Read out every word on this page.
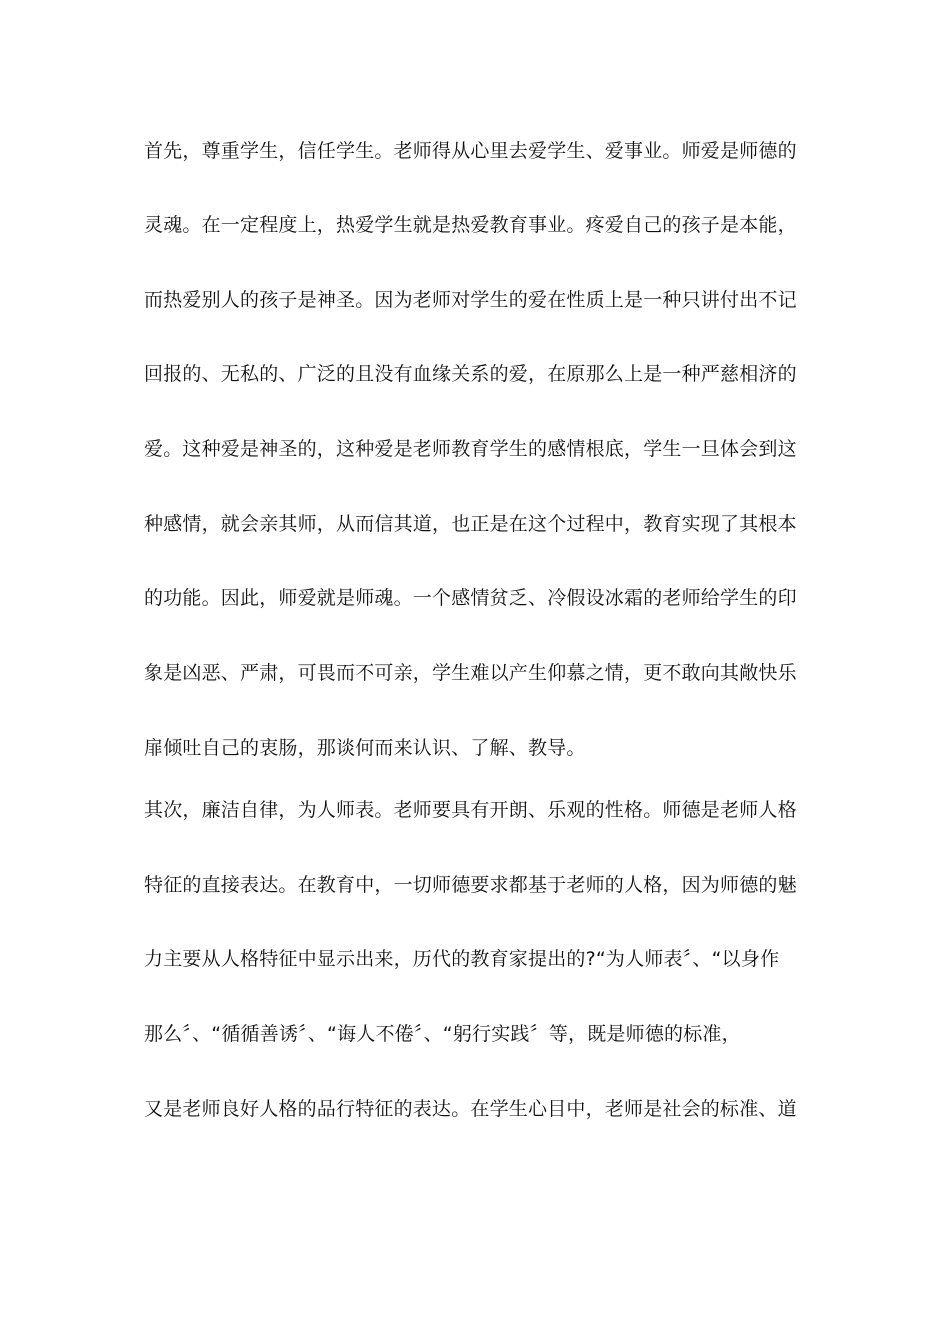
首先，尊重学生，信任学生。老师得从心里去爱学生、爱事业。师爱是师德的
灵魂。在一定程度上，热爱学生就是热爱教育事业。疼爱自己的孩子是本能，
而热爱别人的孩子是神圣。因为老师对学生的爱在性质上是一种只讲付出不记
回报的、无私的、广泛的且没有血缘关系的爱，在原那么上是一种严慈相济的
爱。这种爱是神圣的，这种爱是老师教育学生的感情根底，学生一旦体会到这
种感情，就会亲其师，从而信其道，也正是在这个过程中，教育实现了其根本
的功能。因此，师爱就是师魂。一个感情贫乏、冷假设冰霜的老师给学生的印
象是凶恶、严肃，可畏而不可亲，学生难以产生仰慕之情，更不敢向其敞快乐
扉倾吐自己的衷肠，那谈何而来认识、了解、教导。
其次，廉洁自律，为人师表。老师要具有开朗、乐观的性格。师德是老师人格
特征的直接表达。在教育中，一切师德要求都基于老师的人格，因为师德的魅
力主要从人格特征中显示出来，历代的教育家提出的?“为人师表〞、“以身作
那么〞、“循循善诱〞、“诲人不倦〞、“躬行实践〞等，既是师德的标准，
又是老师良好人格的品行特征的表达。在学生心目中，老师是社会的标准、道
